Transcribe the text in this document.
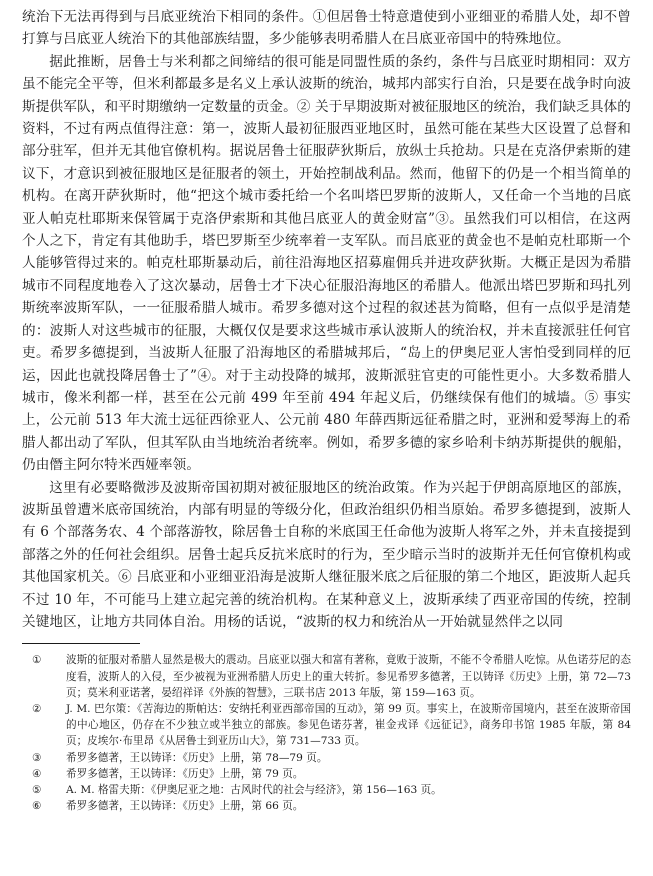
统治下无法再得到与吕底亚统治下相同的条件。①但居鲁士特意遣使到小亚细亚的希腊人处，却不曾打算与吕底亚人统治下的其他部族结盟，多少能够表明希腊人在吕底亚帝国中的特殊地位。

据此推断，居鲁士与米利都之间缔结的很可能是同盟性质的条约，条件与吕底亚时期相同：双方虽不能完全平等，但米利都最多是名义上承认波斯的统治，城邦内部实行自治，只是要在战争时向波斯提供军队，和平时期缴纳一定数量的贡金。② 关于早期波斯对被征服地区的统治，我们缺乏具体的资料，不过有两点值得注意：第一，波斯人最初征服西亚地区时，虽然可能在某些大区设置了总督和部分驻军，但并无其他官僚机构。据说居鲁士征服萨狄斯后，放纵士兵抢劫。只是在克洛伊索斯的建议下，才意识到被征服地区是征服者的领土，开始控制战利品。然而，他留下的仍是一个相当简单的机构。在离开萨狄斯时，他“把这个城市委托给一个名叫塔巴罗斯的波斯人，又任命一个当地的吕底亚人帕克杜耶斯来保管属于克洛伊索斯和其他吕底亚人的黄金财富”③。虽然我们可以相信，在这两个人之下，肯定有其他助手，塔巴罗斯至少统率着一支军队。而吕底亚的黄金也不是帕克杜耶斯一个人能够管得过来的。帕克杜耶斯暴动后，前往沿海地区招募雇佣兵并进攻萨狄斯。大概正是因为希腊城市不同程度地卷入了这次暴动，居鲁士才下决心征服沿海地区的希腊人。他派出塔巴罗斯和玛扎列斯统率波斯军队，一一征服希腊人城市。希罗多德对这个过程的叙述甚为简略，但有一点似乎是清楚的：波斯人对这些城市的征服，大概仅仅是要求这些城市承认波斯人的统治权，并未直接派驻任何官吏。希罗多德提到，当波斯人征服了沿海地区的希腊城邦后，“岛上的伊奥尼亚人害怕受到同样的厄运，因此也就投降居鲁士了”④。对于主动投降的城邦，波斯派驻官吏的可能性更小。大多数希腊人城市，像米利都一样，甚至在公元前 499 年至前 494 年起义后，仍继续保有他们的城墙。⑤ 事实上，公元前 513 年大流士远征西徐亚人、公元前 480 年薛西斯远征希腊之时，亚洲和爱琴海上的希腊人都出动了军队，但其军队由当地统治者统率。例如，希罗多德的家乡哈利卡纳苏斯提供的舰船，仍由僭主阿尔特米西娅率领。

这里有必要略微涉及波斯帝国初期对被征服地区的统治政策。作为兴起于伊朗高原地区的部族，波斯虽曾遭米底帝国统治，内部有明显的等级分化，但政治组织仍相当原始。希罗多德提到，波斯人有 6 个部落务农、4 个部落游牧，除居鲁士自称的米底国王任命他为波斯人将军之外，并未直接提到部落之外的任何社会组织。居鲁士起兵反抗米底时的行为，至少暗示当时的波斯并无任何官僚机构或其他国家机关。⑥ 吕底亚和小亚细亚沿海是波斯人继征服米底之后征服的第二个地区，距波斯人起兵不过 10 年，不可能马上建立起完善的统治机构。在某种意义上，波斯承续了西亚帝国的传统，控制关键地区，让地方共同体自治。用杨的话说，“波斯的权力和统治从一开始就显然伴之以同

①	波斯的征服对希腊人显然是极大的震动。吕底亚以强大和富有著称，竟败于波斯，不能不令希腊人吃惊。从色诺芬尼的态度看，波斯人的入侵，至少被视为亚洲希腊人历史上的重大转折。参见希罗多德著，王以铸译《历史》上册，第 72—73 页；莫米利亚诺著，晏绍祥译《外族的智慧》，三联书店 2013 年版，第 159—163 页。
②	J. M. 巴尔策：《苦海边的斯帕达：安纳托利亚西部帝国的互动》，第 99 页。事实上，在波斯帝国境内，甚至在波斯帝国的中心地区，仍存在不少独立或半独立的部族。参见色诺芬著，崔金戎译《远征记》，商务印书馆 1985 年版，第 84 页；皮埃尔·布里昂《从居鲁士到亚历山大》，第 731—733 页。
③	希罗多德著，王以铸译：《历史》上册，第 78—79 页。
④	希罗多德著，王以铸译：《历史》上册，第 79 页。
⑤	A. M. 格雷夫斯：《伊奥尼亚之地：古风时代的社会与经济》，第 156—163 页。
⑥	希罗多德著，王以铸译：《历史》上册，第 66 页。
